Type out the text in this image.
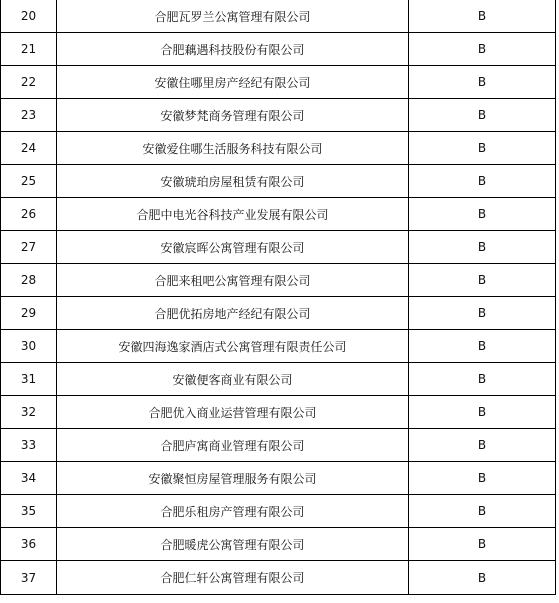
20	合肥瓦罗兰公寓管理有限公司	B
21	合肥藕遇科技股份有限公司	B
22	安徽住哪里房产经纪有限公司	B
23	安徽梦梵商务管理有限公司	B
24	安徽爱住哪生活服务科技有限公司	B
25	安徽琥珀房屋租赁有限公司	B
26	合肥中电光谷科技产业发展有限公司	B
27	安徽宸晖公寓管理有限公司	B
28	合肥来租吧公寓管理有限公司	B
29	合肥优拓房地产经纪有限公司	B
30	安徽四海逸家酒店式公寓管理有限责任公司	B
31	安徽便客商业有限公司	B
32	合肥优入商业运营管理有限公司	B
33	合肥庐寓商业管理有限公司	B
34	安徽聚恒房屋管理服务有限公司	B
35	合肥乐租房产管理有限公司	B
36	合肥暖虎公寓管理有限公司	B
37	合肥仁轩公寓管理有限公司	B
